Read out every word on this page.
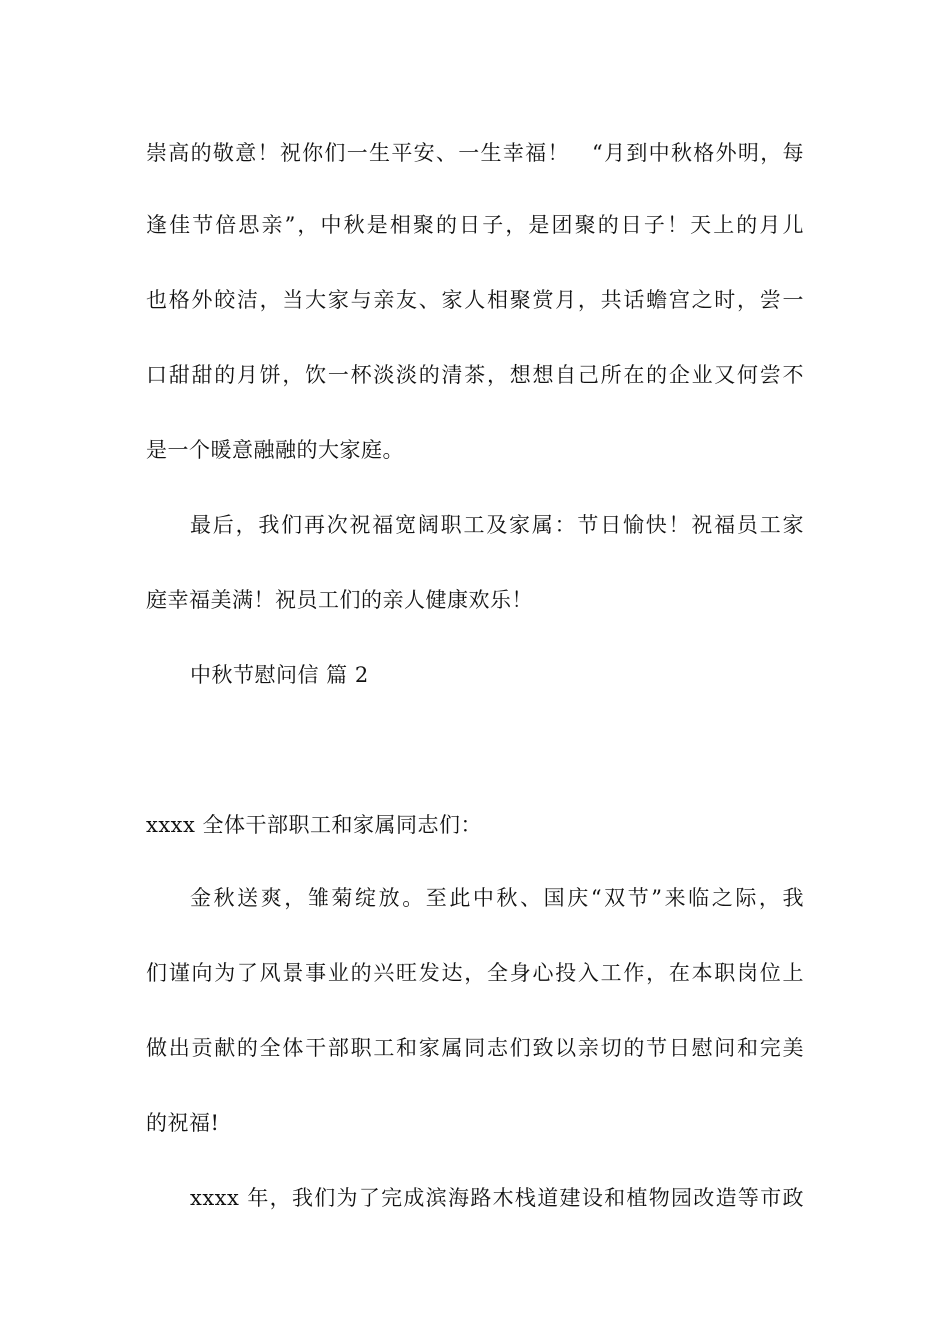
崇高的敬意！祝你们一生平安、一生幸福！　“月到中秋格外明，每
逢佳节倍思亲”，中秋是相聚的日子，是团聚的日子！天上的月儿
也格外皎洁，当大家与亲友、家人相聚赏月，共话蟾宫之时，尝一
口甜甜的月饼，饮一杯淡淡的清茶，想想自己所在的企业又何尝不
是一个暖意融融的大家庭。
最后，我们再次祝福宽阔职工及家属：节日愉快！祝福员工家
庭幸福美满！祝员工们的亲人健康欢乐！
中秋节慰问信 篇 2
xxxx 全体干部职工和家属同志们：
金秋送爽，雏菊绽放。至此中秋、国庆“双节”来临之际，我
们谨向为了风景事业的兴旺发达，全身心投入工作，在本职岗位上
做出贡献的全体干部职工和家属同志们致以亲切的节日慰问和完美
的祝福!
xxxx 年，我们为了完成滨海路木栈道建设和植物园改造等市政
